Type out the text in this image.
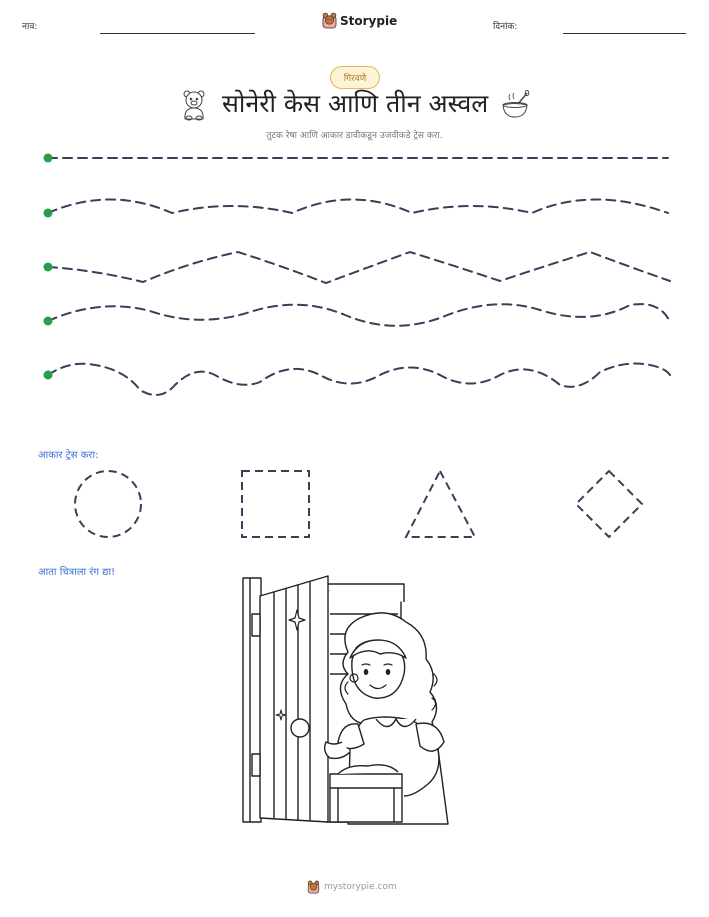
नाव:	Storypie	दिनांक:
गिरवणे
सोनेरी केस आणि तीन अस्वल
तुटक रेषा आणि आकार डावीकडून उजवीकडे ट्रेस करा.
आकार ट्रेस करा:
आता चित्राला रंग द्या!
mystorypie.com
